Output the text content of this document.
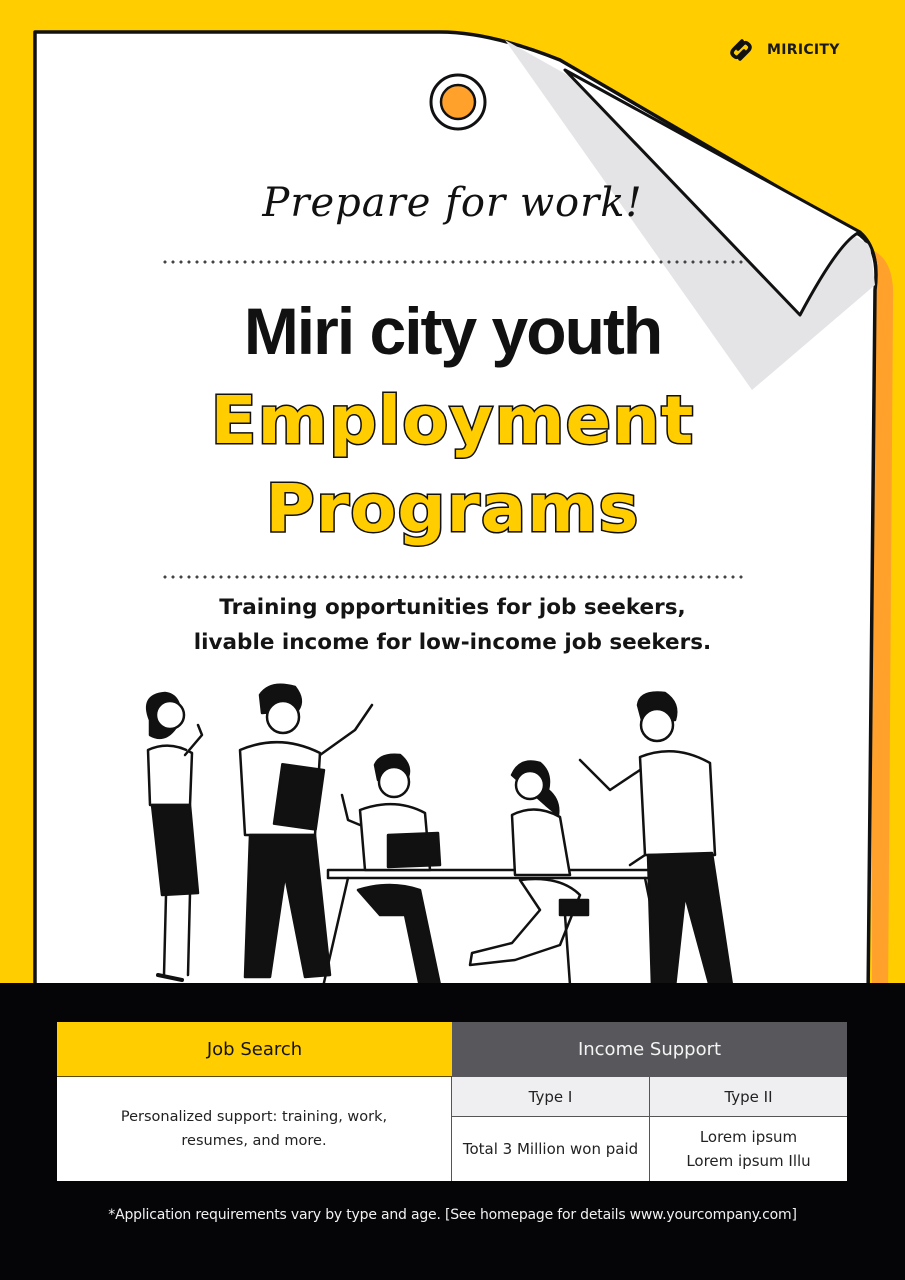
MIRICITY
Prepare for work!
Miri city youth
Employment
Programs
Training opportunities for job seekers,
livable income for low-income job seekers.
Job Search	Income Support
Personalized support: training, work,
resumes, and more.
Type I	Type II
Total 3 Million won paid
Lorem ipsum
Lorem ipsum Illu
*Application requirements vary by type and age. [See homepage for details www.yourcompany.com]
